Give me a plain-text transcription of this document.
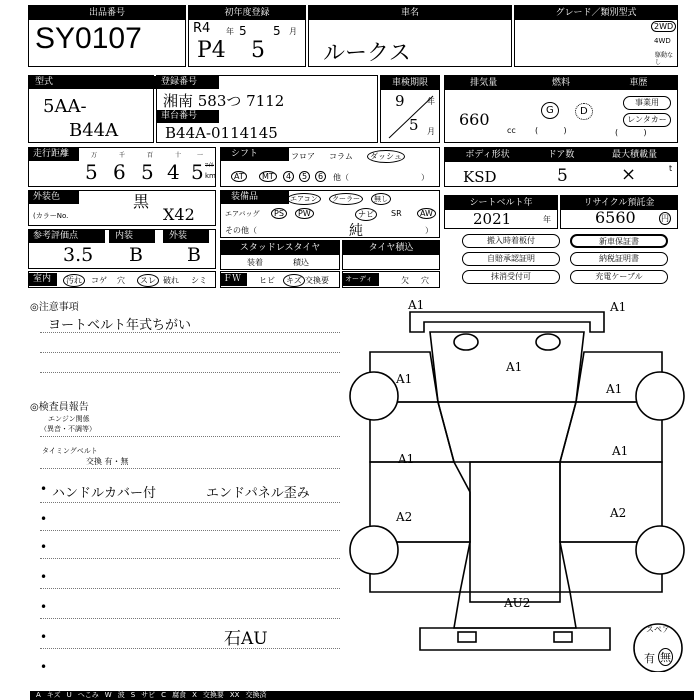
出品番号
SY0107
初年度登録
R4 5
年	5 月
P4 5
車名
ルークス
グレード／類別型式
2WD
4WD
駆動なし
型式
5AA-
B44A
登録番号
湘南 583つ 7112
車台番号
B44A-0114145
車検期限
9	年
5 月
排気量	燃料	車歴
660
cc
G	D
(          )
事業用
レンタカー
(          )
走行距離	万	千	百	十	一
5 6 5 4 5 ﾏｲﾙ
km
シフト	フロア コラム	ダッシュ
AT	MT	4	5	6	他（	）
ボディ形状	ドア数	最大積載量
KSD	5	×	t
外装色	黒
(カラーNo.	X42
装備品	エアコン	クーラー	無し
エアバッグ	PS	PW	ナビ	SR	AW
その他（	純	）
シートベルト年
2021	年
リサイクル預託金
6560	円
参考評価点	内装	外装
3.5 B B	スタッドレスタイヤ
装着	積込
タイヤ積込
搬入時着板付	新車保証書
自賠承認証明	納税証明書
抹消受付可	充電ケーブル
室内	汚れ	コゲ 穴	スレ 破れ シミ ＦＷ	ヒビ	キズ 交換要 オーディオ
欠 穴
◎注意事項
ヨートベルト年式ちがい
◎検査員報告
エンジン関係
（異音・不調等）
タイミングベルト
交換 有・無
• ハンドルカバー付	エンドパネル歪み
•
•
•
•
•	石AU
•
A1	A1
A1
A1
A1
A1
A1
A2	A2
AU2
スペア
有 無
A キズ U へこみ W 波 S サビ C 腐食 X 交換要 XX 交換済
